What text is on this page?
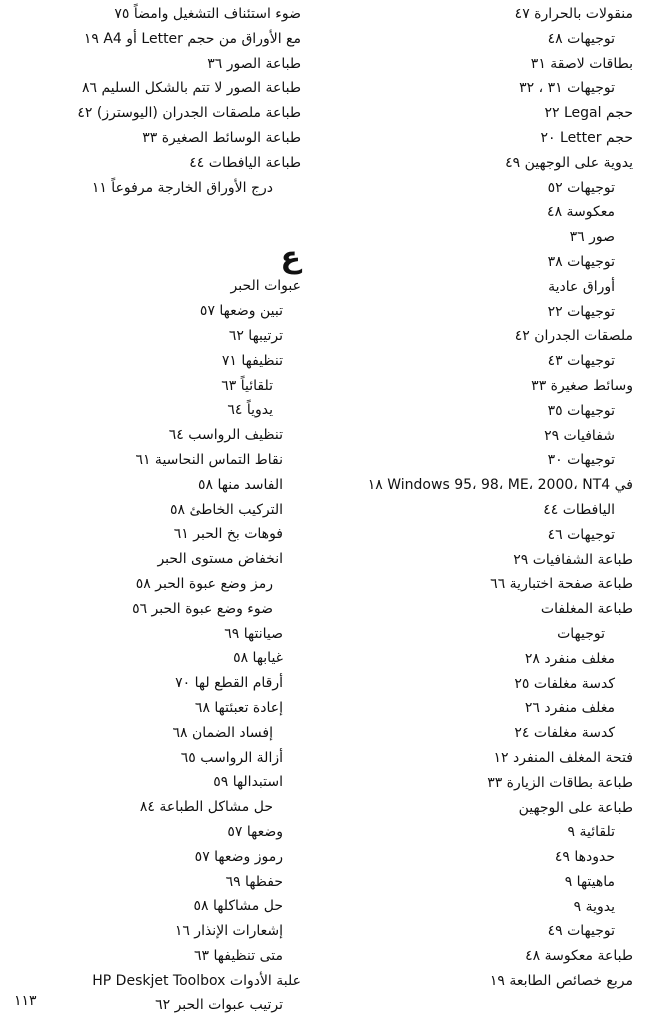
منقولات بالحرارة ٤٧
توجيهات ٤٨
بطاقات لاصقة ٣١
توجيهات ٣١ ، ٣٢
حجم Legal ٢٢
حجم Letter ٢٠
يدوية على الوجهين ٤٩
توجيهات ٥٢
معكوسة ٤٨
صور ٣٦
توجيهات ٣٨
أوراق عادية
توجيهات ٢٢
ملصقات الجدران ٤٢
توجيهات ٤٣
وسائط صغيرة ٣٣
توجيهات ٣٥
شفافيات ٢٩
توجيهات ٣٠
في Windows 95، 98، ME، 2000، NT4 ١٨
اليافطات ٤٤
توجيهات ٤٦
طباعة الشفافيات ٢٩
طباعة صفحة اختبارية ٦٦
طباعة المغلفات
توجيهات
مغلف منفرد ٢٨
كدسة مغلفات ٢٥
مغلف منفرد ٢٦
كدسة مغلفات ٢٤
فتحة المغلف المنفرد ١٢
طباعة بطاقات الزيارة ٣٣
طباعة على الوجهين
تلقائية ٩
حدودها ٤٩
ماهيتها ٩
يدوية ٩
توجيهات ٤٩
طباعة معكوسة ٤٨
مربع خصائص الطابعة ١٩
ضوء استئناف التشغيل وامضاً ٧٥
مع الأوراق من حجم Letter أو A4 ١٩
طباعة الصور ٣٦
طباعة الصور لا تتم بالشكل السليم ٨٦
طباعة ملصقات الجدران (اليوسترز) ٤٢
طباعة الوسائط الصغيرة ٣٣
طباعة اليافطات ٤٤
درج الأوراق الخارجة مرفوعاً ١١
ع
عبوات الحبر
تبين وضعها ٥٧
ترتيبها ٦٢
تنظيفها ٧١
تلقائياً ٦٣
يدوياً ٦٤
تنظيف الرواسب ٦٤
نقاط التماس النحاسية ٦١
الفاسد منها ٥٨
التركيب الخاطئ ٥٨
فوهات بخ الحبر ٦١
انخفاض مستوى الحبر
رمز وضع عبوة الحبر ٥٨
ضوء وضع عبوة الحبر ٥٦
صيانتها ٦٩
غيابها ٥٨
أرقام القطع لها ٧٠
إعادة تعبئتها ٦٨
إفساد الضمان ٦٨
أزالة الرواسب ٦٥
استبدالها ٥٩
حل مشاكل الطباعة ٨٤
وضعها ٥٧
رموز وضعها ٥٧
حفظها ٦٩
حل مشاكلها ٥٨
إشعارات الإنذار ١٦
متى تنظيفها ٦٣
علبة الأدوات HP Deskjet Toolbox
ترتيب عبوات الحبر ٦٢
١١٣
